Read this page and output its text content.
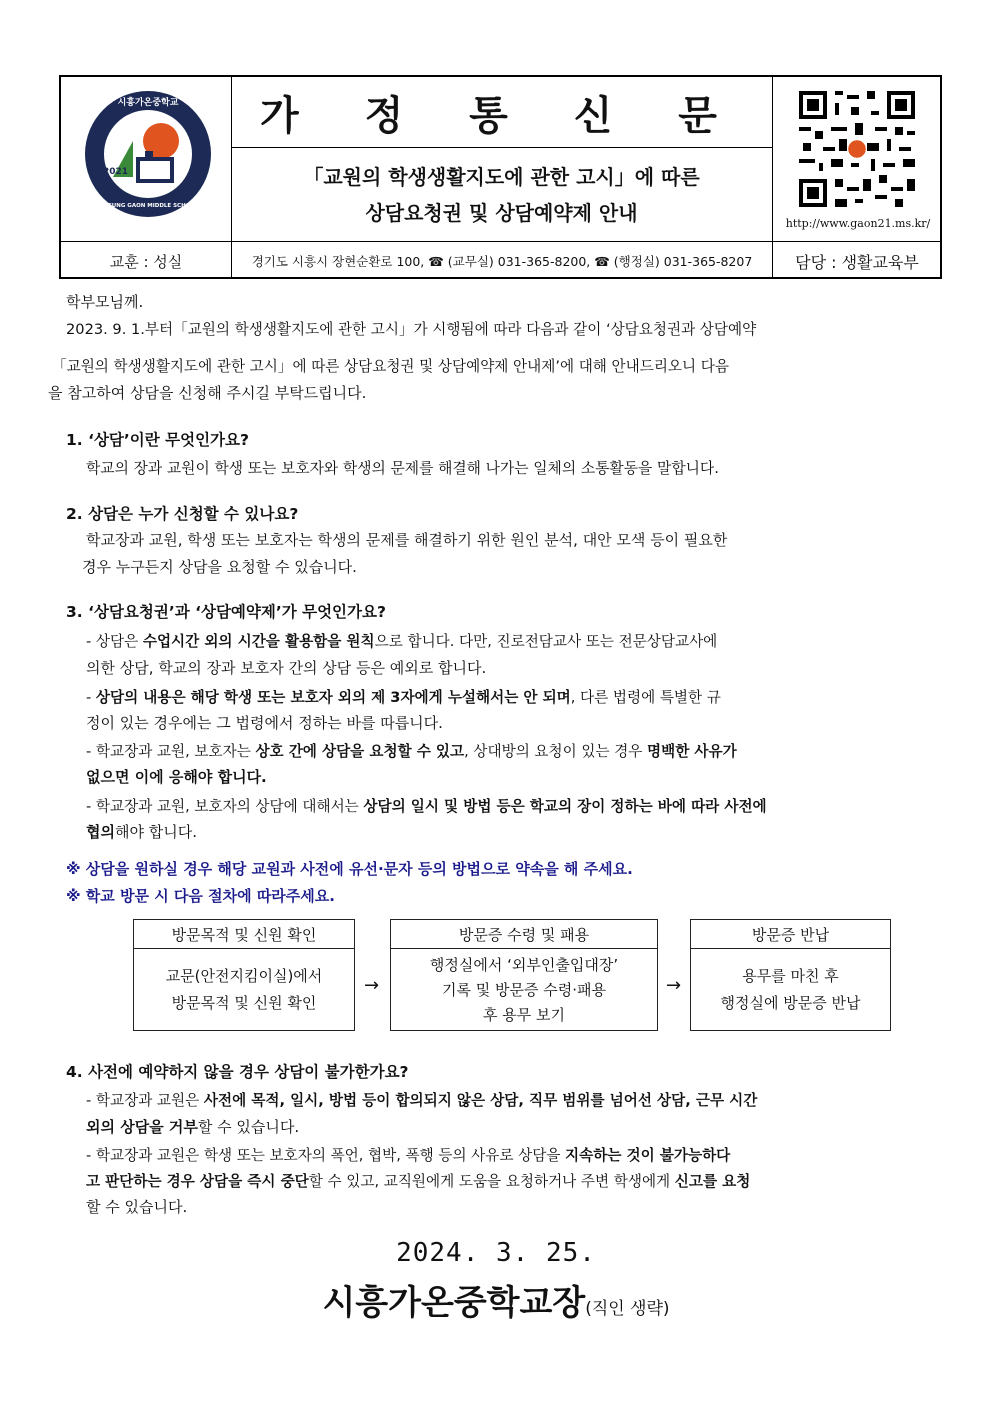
2021
시흥가온중학교
SIHEUNG GAON MIDDLE SCHOOL
가 정 통 신 문
「교원의 학생생활지도에 관한 고시」에 따른
상담요청권 및 상담예약제 안내	http://www.gaon21.ms.kr/
교훈 : 성실	경기도 시흥시 장현순환로 100, ☎ (교무실) 031-365-8200, ☎ (행정실) 031-365-8207	담당 : 생활교육부
학부모님께.
2023. 9. 1.부터「교원의 학생생활지도에 관한 고시」가 시행됨에 따라 다음과 같이 ‘상담요청권과 상담예약
「교원의 학생생활지도에 관한 고시」에 따른 상담요청권 및 상담예약제 안내제’에 대해 안내드리오니 다음
을 참고하여 상담을 신청해 주시길 부탁드립니다.
1. ‘상담’이란 무엇인가요?
학교의 장과 교원이 학생 또는 보호자와 학생의 문제를 해결해 나가는 일체의 소통활동을 말합니다.
2. 상담은 누가 신청할 수 있나요?
학교장과 교원, 학생 또는 보호자는 학생의 문제를 해결하기 위한 원인 분석, 대안 모색 등이 필요한
경우 누구든지 상담을 요청할 수 있습니다.
3. ‘상담요청권’과 ‘상담예약제’가 무엇인가요?
- 상담은 수업시간 외의 시간을 활용함을 원칙으로 합니다. 다만, 진로전담교사 또는 전문상담교사에
의한 상담, 학교의 장과 보호자 간의 상담 등은 예외로 합니다.
- 상담의 내용은 해당 학생 또는 보호자 외의 제 3자에게 누설해서는 안 되며, 다른 법령에 특별한 규
정이 있는 경우에는 그 법령에서 정하는 바를 따릅니다.
- 학교장과 교원, 보호자는 상호 간에 상담을 요청할 수 있고, 상대방의 요청이 있는 경우 명백한 사유가
없으면 이에 응해야 합니다.
- 학교장과 교원, 보호자의 상담에 대해서는 상담의 일시 및 방법 등은 학교의 장이 정하는 바에 따라 사전에
협의해야 합니다.
※ 상담을 원하실 경우 해당 교원과 사전에 유선·문자 등의 방법으로 약속을 해 주세요.
※ 학교 방문 시 다음 절차에 따라주세요.
방문목적 및 신원 확인
교문(안전지킴이실)에서
방문목적 및 신원 확인
→
방문증 수령 및 패용
행정실에서 ‘외부인출입대장’
기록 및 방문증 수령·패용
후 용무 보기
→
방문증 반납
용무를 마친 후
행정실에 방문증 반납
4. 사전에 예약하지 않을 경우 상담이 불가한가요?
- 학교장과 교원은 사전에 목적, 일시, 방법 등이 합의되지 않은 상담, 직무 범위를 넘어선 상담, 근무 시간
외의 상담을 거부할 수 있습니다.
- 학교장과 교원은 학생 또는 보호자의 폭언, 협박, 폭행 등의 사유로 상담을 지속하는 것이 불가능하다
고 판단하는 경우 상담을 즉시 중단할 수 있고, 교직원에게 도움을 요청하거나 주변 학생에게 신고를 요청
할 수 있습니다.
2024. 3. 25.
시흥가온중학교장(직인 생략)
